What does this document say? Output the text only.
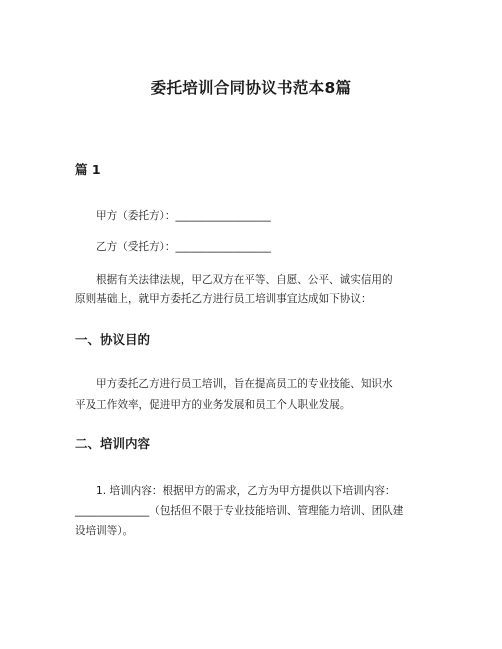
委托培训合同协议书范本8篇
篇 1
甲方（委托方）：__________________
乙方（受托方）：__________________
根据有关法律法规，甲乙双方在平等、自愿、公平、诚实信用的
原则基础上，就甲方委托乙方进行员工培训事宜达成如下协议：
一、协议目的
甲方委托乙方进行员工培训，旨在提高员工的专业技能、知识水
平及工作效率，促进甲方的业务发展和员工个人职业发展。
二、培训内容
1. 培训内容：根据甲方的需求，乙方为甲方提供以下培训内容：
______________（包括但不限于专业技能培训、管理能力培训、团队建
设培训等）。
